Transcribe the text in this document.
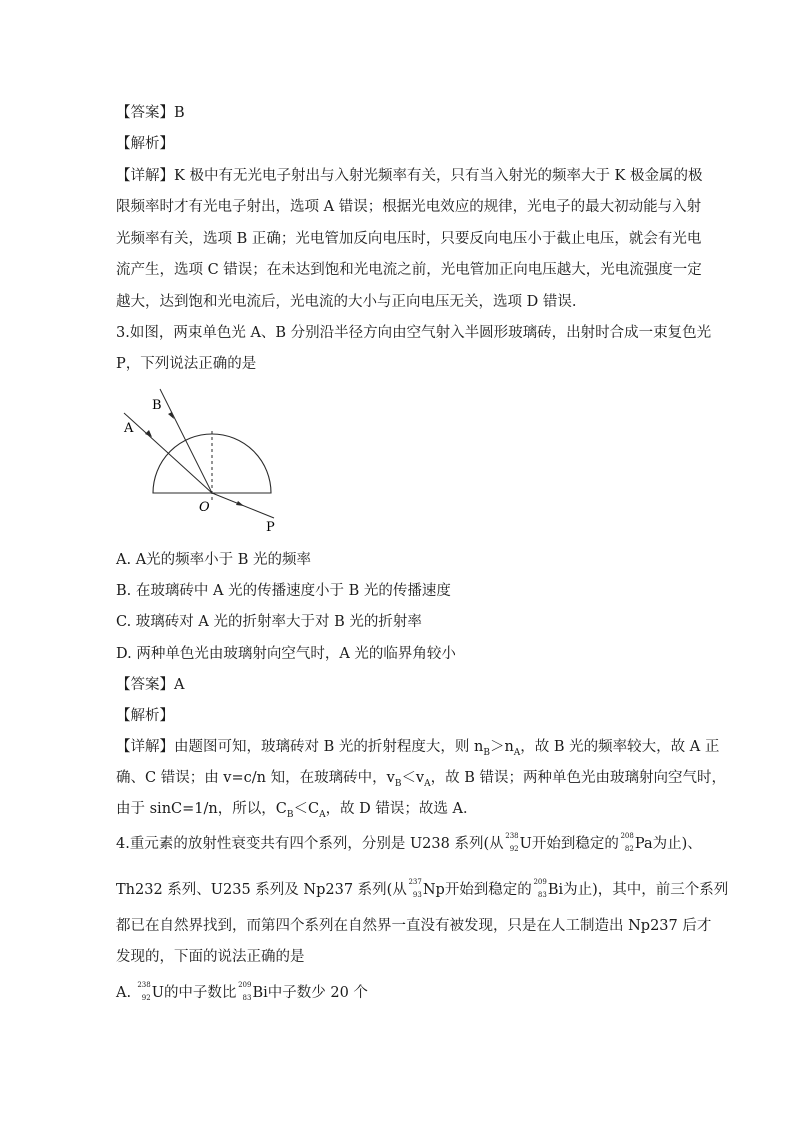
【答案】B
【解析】
【详解】K 极中有无光电子射出与入射光频率有关，只有当入射光的频率大于 K 极金属的极
限频率时才有光电子射出，选项 A 错误；根据光电效应的规律，光电子的最大初动能与入射
光频率有关，选项 B 正确；光电管加反向电压时，只要反向电压小于截止电压，就会有光电
流产生，选项 C 错误；在未达到饱和光电流之前，光电管加正向电压越大，光电流强度一定
越大，达到饱和光电流后，光电流的大小与正向电压无关，选项 D 错误.
3.如图，两束单色光 A、B 分别沿半径方向由空气射入半圆形玻璃砖，出射时合成一束复色光
P，下列说法正确的是
A
B
O
P
A. A光的频率小于 B 光的频率
B. 在玻璃砖中 A 光的传播速度小于 B 光的传播速度
C. 玻璃砖对 A 光的折射率大于对 B 光的折射率
D. 两种单色光由玻璃射向空气时，A 光的临界角较小
【答案】A
【解析】
【详解】由题图可知，玻璃砖对 B 光的折射程度大，则 $n_B>n_A$，故 B 光的频率较大，故 A 正
确、C 错误；由 v=c/n 知，在玻璃砖中，$v_B<v_A$，故 B 错误；两种单色光由玻璃射向空气时，
由于 sinC=1/n，所以，$C_B<C_A$，故 D 错误；故选 A．
4.重元素的放射性衰变共有四个系列，分别是 U238 系列(从 238
92 U开始到稳定的 208
82 Pa为止)、
Th232 系列、U235 系列及 Np237 系列(从 237
93 Np开始到稳定的 209
83 Bi为止)，其中，前三个系列
都已在自然界找到，而第四个系列在自然界一直没有被发现，只是在人工制造出 Np237 后才
发现的，下面的说法正确的是
A. 238
92 U的中子数比 209
83 Bi中子数少 20 个
